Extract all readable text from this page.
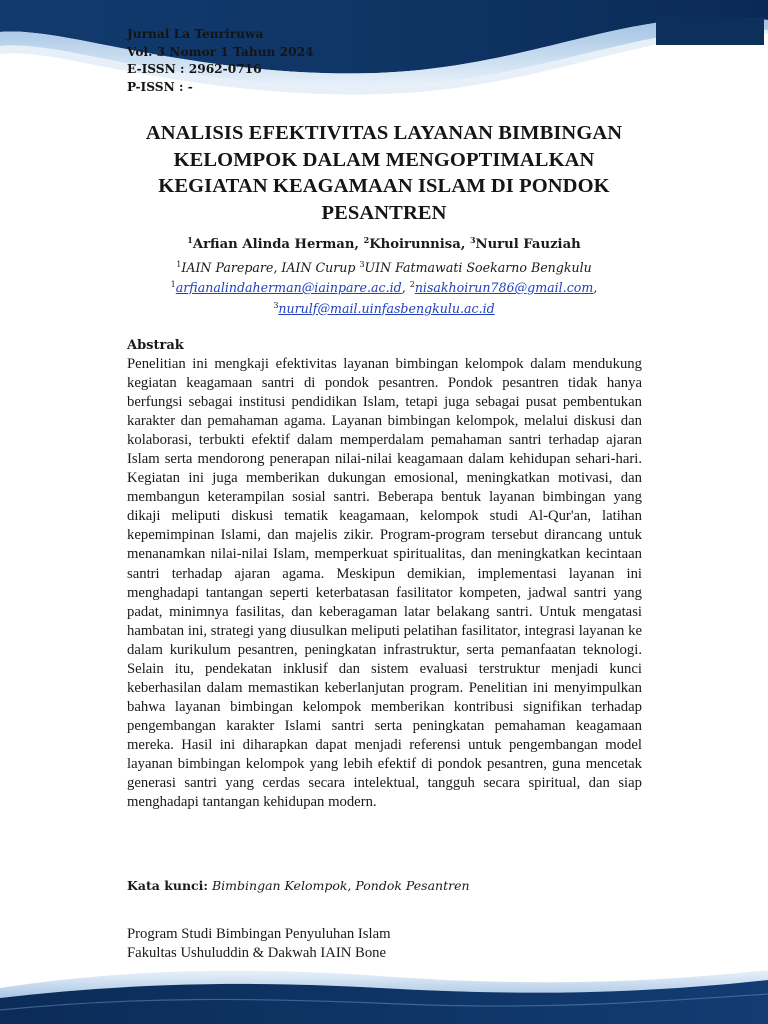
Jurnal La Tenriruwa
Vol. 3 Nomor 1 Tahun 2024
E-ISSN : 2962-0716
P-ISSN : -
ANALISIS EFEKTIVITAS LAYANAN BIMBINGAN
KELOMPOK DALAM MENGOPTIMALKAN
KEGIATAN KEAGAMAAN ISLAM DI PONDOK
PESANTREN
$^1$Arfian Alinda Herman, $^2$Khoirunnisa, $^3$Nurul Fauziah
$^1$IAIN Parepare, IAIN Curup $^3$UIN Fatmawati Soekarno Bengkulu
$^1$arfianalindaherman@iainpare.ac.id, $^2$nisakhoirun786@gmail.com,
$^3$nurulf@mail.uinfasbengkulu.ac.id
Abstrak
Penelitian ini mengkaji efektivitas layanan bimbingan kelompok dalam mendukung kegiatan keagamaan santri di pondok pesantren. Pondok pesantren tidak hanya berfungsi sebagai institusi pendidikan Islam, tetapi juga sebagai pusat pembentukan karakter dan pemahaman agama. Layanan bimbingan kelompok, melalui diskusi dan kolaborasi, terbukti efektif dalam memperdalam pemahaman santri terhadap ajaran Islam serta mendorong penerapan nilai-nilai keagamaan dalam kehidupan sehari-hari. Kegiatan ini juga memberikan dukungan emosional, meningkatkan motivasi, dan membangun keterampilan sosial santri. Beberapa bentuk layanan bimbingan yang dikaji meliputi diskusi tematik keagamaan, kelompok studi Al-Qur'an, latihan kepemimpinan Islami, dan majelis zikir. Program-program tersebut dirancang untuk menanamkan nilai-nilai Islam, memperkuat spiritualitas, dan meningkatkan kecintaan santri terhadap ajaran agama. Meskipun demikian, implementasi layanan ini menghadapi tantangan seperti keterbatasan fasilitator kompeten, jadwal santri yang padat, minimnya fasilitas, dan keberagaman latar belakang santri. Untuk mengatasi hambatan ini, strategi yang diusulkan meliputi pelatihan fasilitator, integrasi layanan ke dalam kurikulum pesantren, peningkatan infrastruktur, serta pemanfaatan teknologi. Selain itu, pendekatan inklusif dan sistem evaluasi terstruktur menjadi kunci keberhasilan dalam memastikan keberlanjutan program. Penelitian ini menyimpulkan bahwa layanan bimbingan kelompok memberikan kontribusi signifikan terhadap pengembangan karakter Islami santri serta peningkatan pemahaman keagamaan mereka. Hasil ini diharapkan dapat menjadi referensi untuk pengembangan model layanan bimbingan kelompok yang lebih efektif di pondok pesantren, guna mencetak generasi santri yang cerdas secara intelektual, tangguh secara spiritual, dan siap menghadapi tantangan kehidupan modern.
Kata kunci: Bimbingan Kelompok, Pondok Pesantren
Program Studi Bimbingan Penyuluhan Islam
Fakultas Ushuluddin & Dakwah IAIN Bone
